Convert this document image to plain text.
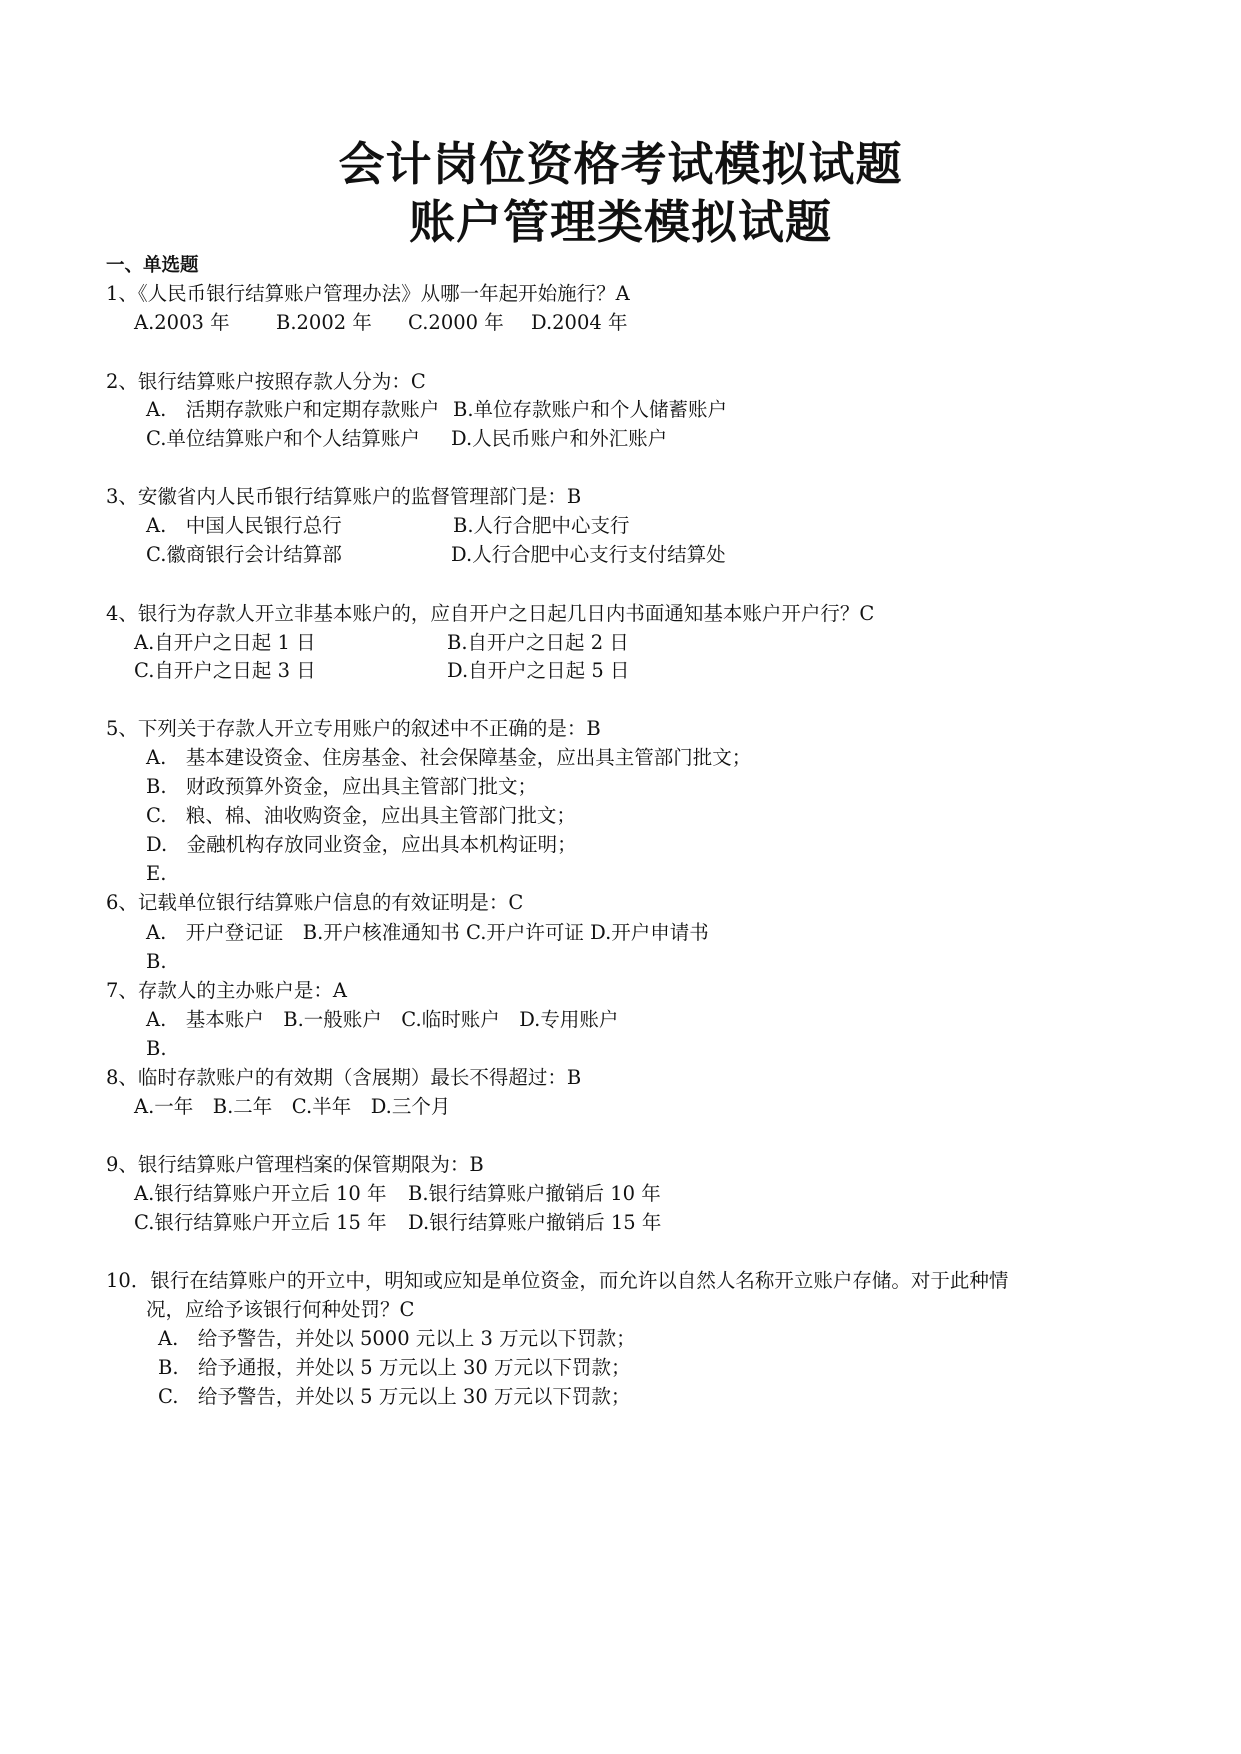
会计岗位资格考试模拟试题
账户管理类模拟试题
一、单选题
1、《人民币银行结算账户管理办法》从哪一年起开始施行？A
A.2003 年 B.2002 年 C.2000 年 D.2004 年
2、银行结算账户按照存款人分为：C
A.　活期存款账户和定期存款账户 B.单位存款账户和个人储蓄账户
C.单位结算账户和个人结算账户 D.人民币账户和外汇账户
3、安徽省内人民币银行结算账户的监督管理部门是：B
A.　中国人民银行总行	B.人行合肥中心支行
C.徽商银行会计结算部	D.人行合肥中心支行支付结算处
4、银行为存款人开立非基本账户的，应自开户之日起几日内书面通知基本账户开户行？C
A.自开户之日起 1 日	B.自开户之日起 2 日
C.自开户之日起 3 日	D.自开户之日起 5 日
5、下列关于存款人开立专用账户的叙述中不正确的是：B
A.　基本建设资金、住房基金、社会保障基金，应出具主管部门批文；
B.　财政预算外资金，应出具主管部门批文；
C.　粮、棉、油收购资金，应出具主管部门批文；
D.　金融机构存放同业资金，应出具本机构证明；
E.
6、记载单位银行结算账户信息的有效证明是：C
A.　开户登记证　B.开户核准通知书 C.开户许可证 D.开户申请书
B.
7、存款人的主办账户是：A
A.　基本账户　B.一般账户　C.临时账户　D.专用账户
B.
8、临时存款账户的有效期（含展期）最长不得超过：B
A.一年　B.二年　C.半年　D.三个月
9、银行结算账户管理档案的保管期限为：B
A.银行结算账户开立后 10 年 B.银行结算账户撤销后 10 年
C.银行结算账户开立后 15 年 D.银行结算账户撤销后 15 年
10．银行在结算账户的开立中，明知或应知是单位资金，而允许以自然人名称开立账户存储。对于此种情
况，应给予该银行何种处罚？C
A.　给予警告，并处以 5000 元以上 3 万元以下罚款；
B.　给予通报，并处以 5 万元以上 30 万元以下罚款；
C.　给予警告，并处以 5 万元以上 30 万元以下罚款；
